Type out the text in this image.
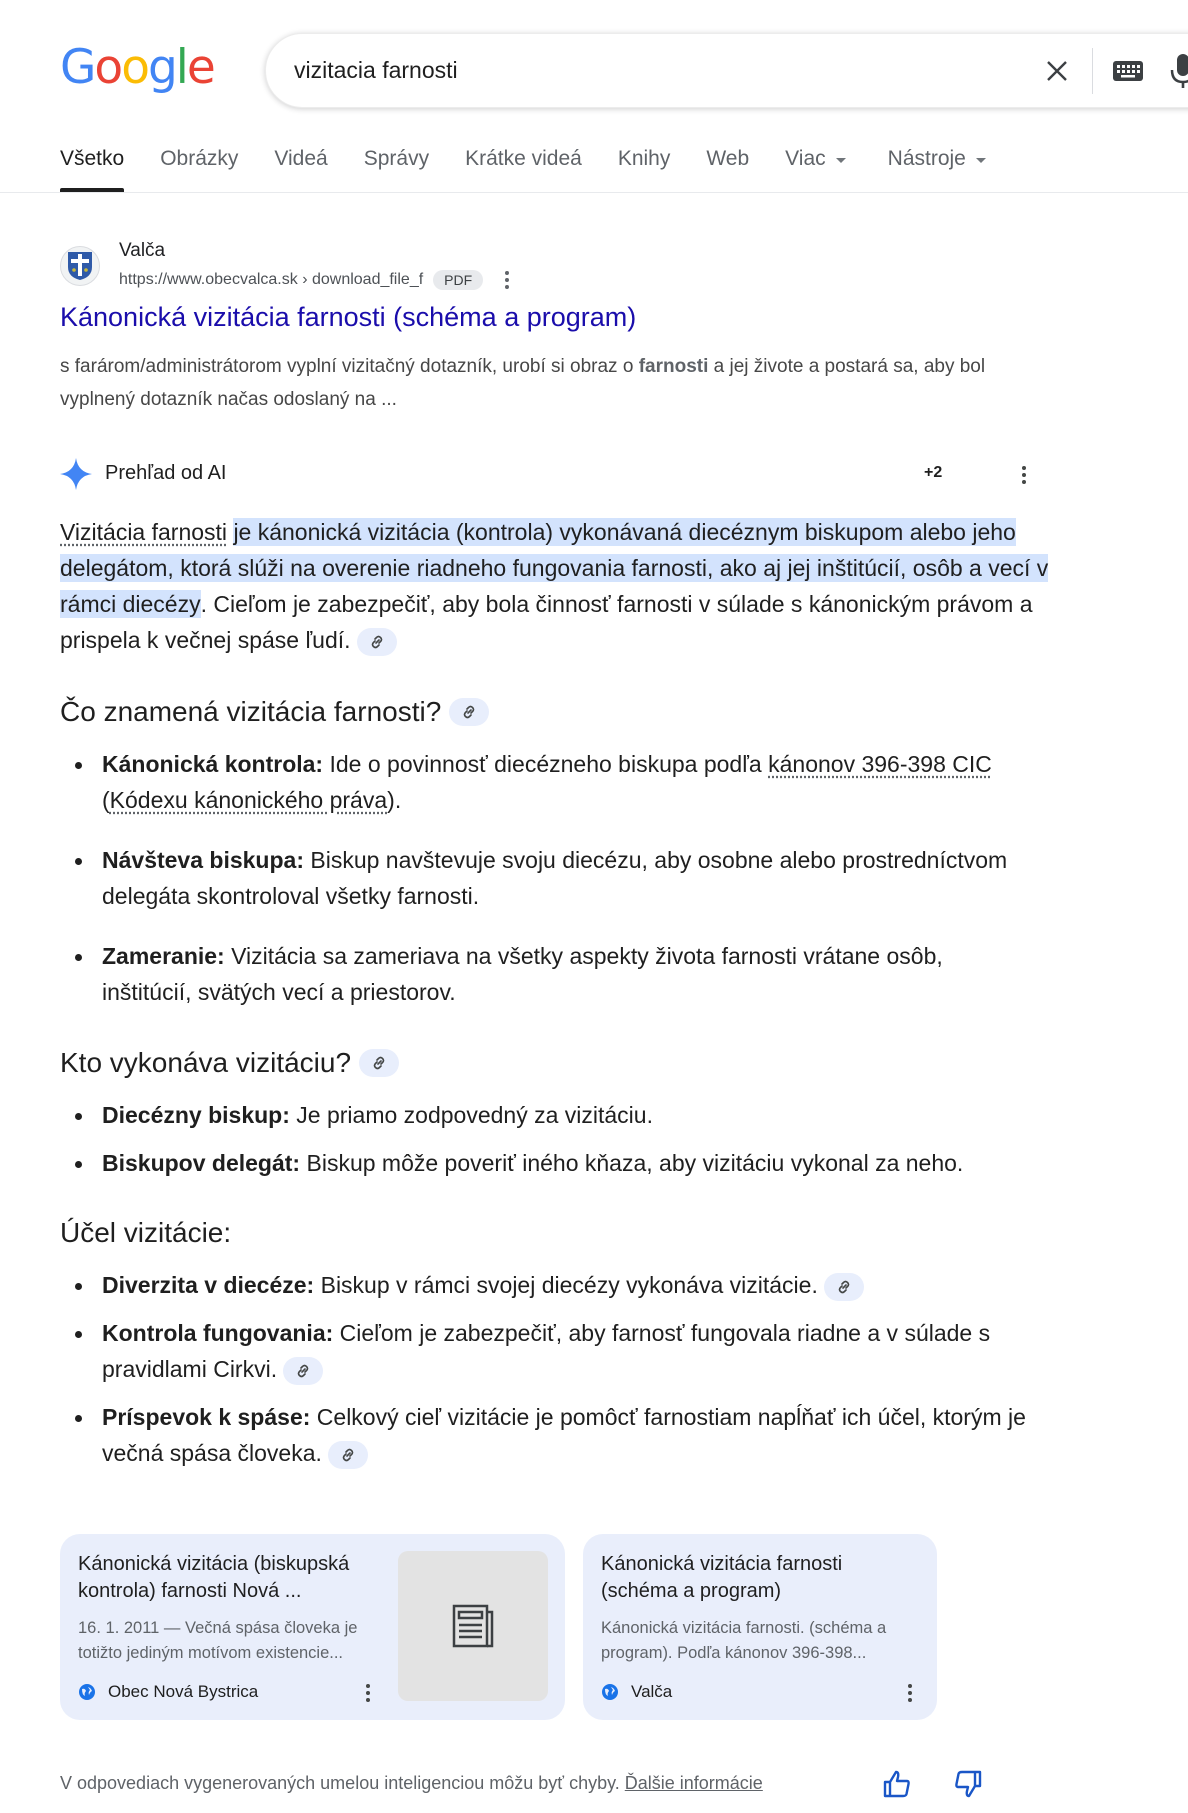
Google
vizitacia farnosti
Všetko Obrázky Videá Správy Krátke videá Knihy Web Viac	Nástroje
Valča
https://www.obecvalca.sk › download_file_f	PDF
Kánonická vizitácia farnosti (schéma a program)
s farárom/administrátorom vyplní vizitačný dotazník, urobí si obraz o farnosti a jej živote a postará sa, aby bol vyplnený dotazník načas odoslaný na ...
Prehľad od AI	+2
Vizitácia farnosti je kánonická vizitácia (kontrola) vykonávaná diecéznym biskupom alebo jeho delegátom, ktorá slúži na overenie riadneho fungovania farnosti, ako aj jej inštitúcií, osôb a vecí v rámci diecézy. Cieľom je zabezpečiť, aby bola činnosť farnosti v súlade s kánonickým právom a prispela k večnej spáse ľudí.
Čo znamená vizitácia farnosti?
Kánonická kontrola: Ide o povinnosť diecézneho biskupa podľa kánonov 396-398 CIC (Kódexu kánonického práva).
Návšteva biskupa: Biskup navštevuje svoju diecézu, aby osobne alebo prostredníctvom delegáta skontroloval všetky farnosti.
Zameranie: Vizitácia sa zameriava na všetky aspekty života farnosti vrátane osôb, inštitúcií, svätých vecí a priestorov.
Kto vykonáva vizitáciu?
Diecézny biskup: Je priamo zodpovedný za vizitáciu.
Biskupov delegát: Biskup môže poveriť iného kňaza, aby vizitáciu vykonal za neho.
Účel vizitácie:
Diverzita v diecéze: Biskup v rámci svojej diecézy vykonáva vizitácie.
Kontrola fungovania: Cieľom je zabezpečiť, aby farnosť fungovala riadne a v súlade s pravidlami Cirkvi.
Príspevok k spáse: Celkový cieľ vizitácie je pomôcť farnostiam napĺňať ich účel, ktorým je večná spása človeka.
Kánonická vizitácia (biskupská kontrola) farnosti Nová ...
16. 1. 2011 — Večná spása človeka je totižto jediným motívom existencie...
Obec Nová Bystrica
Kánonická vizitácia farnosti (schéma a program)
Kánonická vizitácia farnosti. (schéma a program). Podľa kánonov 396-398...
Valča
V odpovediach vygenerovaných umelou inteligenciou môžu byť chyby. Ďalšie informácie
